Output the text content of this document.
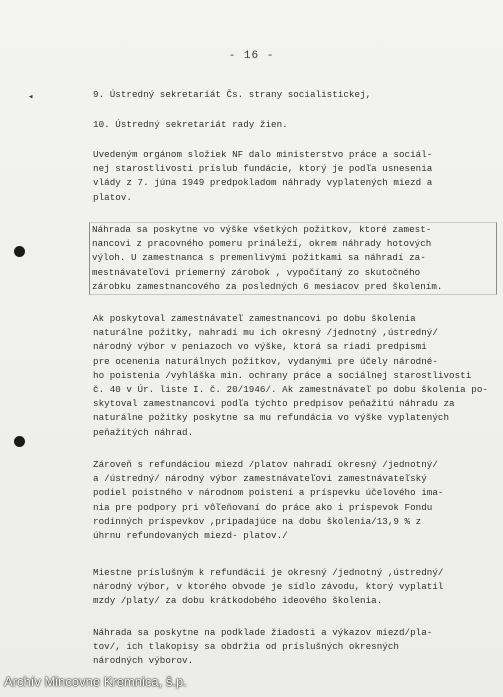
◂
- 16 -
9. Ústredný sekretariát Čs. strany socialistickej,
10. Ústredný sekretariát rady žien.
Uvedeným orgánom složiek NF dalo ministerstvo práce a sociál-
nej starostlivosti príslub fundácie, ktorý je podľa usnesenia
vlády z 7. júna 1949 predpokladom náhrady vyplatených miezd a
platov.
Náhrada sa poskytne vo výške všetkých požitkov, ktoré zamest-
nancovi z pracovného pomeru prináleží, okrem náhrady hotových
výloh. U zamestnanca s premenlivými požitkami sa náhradí za-
mestnávateľovi priemerný zárobok , vypočítaný zo skutočného
zárobku zamestnancového za posledných 6 mesiacov pred školením.
Ak poskytoval zamestnávateľ zamestnancovi po dobu školenia
naturálne požitky, nahradí mu ich okresný /jednotný ,ústredný/
národný výbor v peniazoch vo výške, ktorá sa riadi predpismi
pre ocenenia naturálnych požitkov, vydanými pre účely národné-
ho poistenia /vyhláška min. ochrany práce a sociálnej starostlivosti
č. 40 v Úr. liste I. č. 20/1946/. Ak zamestnávateľ po dobu školenia po-
skytoval zamestnancovi podľa týchto predpisov peňažitú náhradu za
naturálne požitky poskytne sa mu refundácia vo výške vyplatených
peňažitých náhrad.
Zároveň s refundáciou miezd /platov nahradí okresný /jednotný/
a /ústredný/ národný výbor zamestnávateľovi zamestnávateľský
podiel poistného v národnom poistení a príspevku účelového ima-
nia pre podpory pri vôľeňovaní do práce ako i príspevok Fondu
rodinných príspevkov ,pripadajúce na dobu školenia/13,9 % z
úhrnu refundovaných miezd- platov./
Miestne príslušným k refundácii je okresný /jednotný ,ústredný/
národný výbor, v ktorého obvode je sídlo závodu, ktorý vyplatil
mzdy /platy/ za dobu krátkodobého ideového školenia.
Náhrada sa poskytne na podklade žiadosti a výkazov miezd/pla-
tov/, ich tlakopisy sa obdržia od príslušných okresných
národných výborov.
Archív Mincovne Kremnica, š.p.
